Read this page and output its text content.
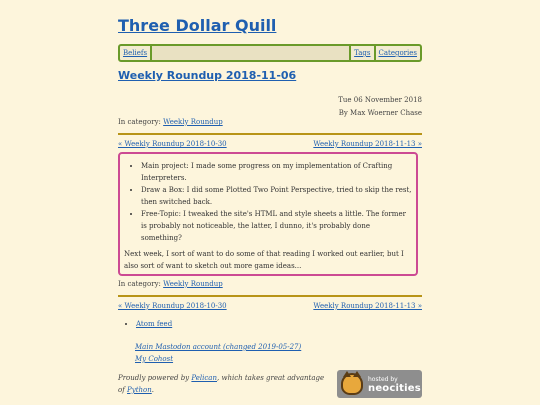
Three Dollar Quill
Beliefs	Tags Categories
Weekly Roundup 2018-11-06
Tue 06 November 2018
By Max Woerner Chase
In category: Weekly Roundup
« Weekly Roundup 2018-10-30	Weekly Roundup 2018-11-13 »
• Main project: I made some progress on my implementation of Crafting Interpreters.
• Draw a Box: I did some Plotted Two Point Perspective, tried to skip the rest, then switched back.
• Free-Topic: I tweaked the site's HTML and style sheets a little. The former is probably not noticeable, the latter, I dunno, it's probably done something?

Next week, I sort of want to do some of that reading I worked out earlier, but I also sort of want to sketch out more game ideas...

In category: Weekly Roundup
« Weekly Roundup 2018-10-30	Weekly Roundup 2018-11-13 »
• Atom feed
Main Mastodon account (changed 2019-05-27)
My Cohost
Proudly powered by Pelican, which takes great advantage of Python.
hosted by
neocities
